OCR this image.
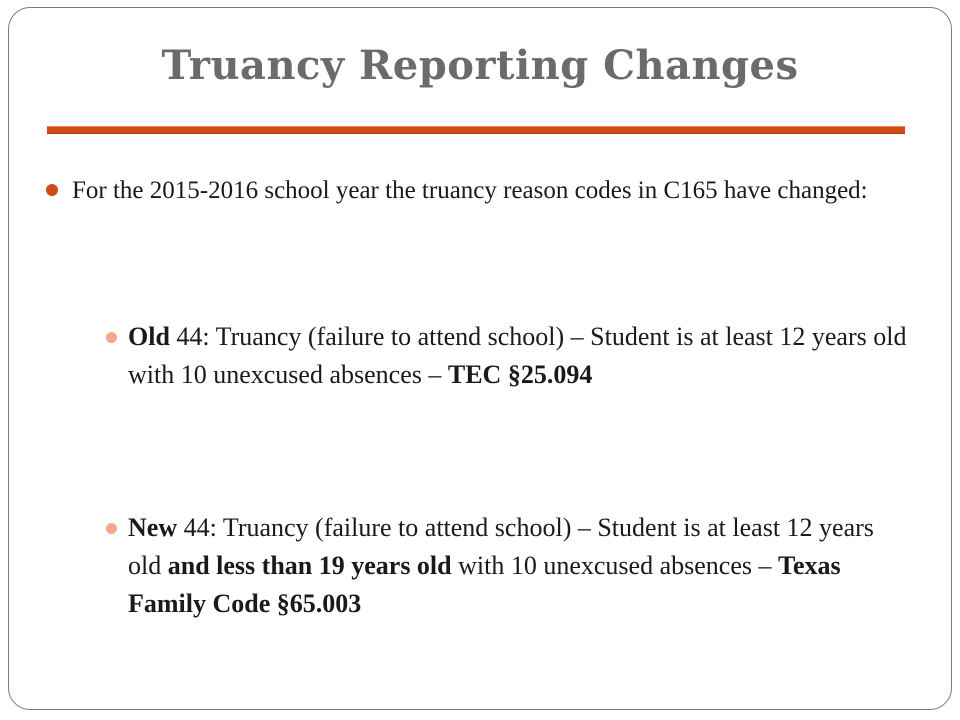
Truancy Reporting Changes
For the 2015-2016 school year the truancy reason codes in C165 have changed:
Old 44: Truancy (failure to attend school) – Student is at least 12 years old with 10 unexcused absences – TEC §25.094
New 44: Truancy (failure to attend school) – Student is at least 12 years old and less than 19 years old with 10 unexcused absences – Texas Family Code §65.003
